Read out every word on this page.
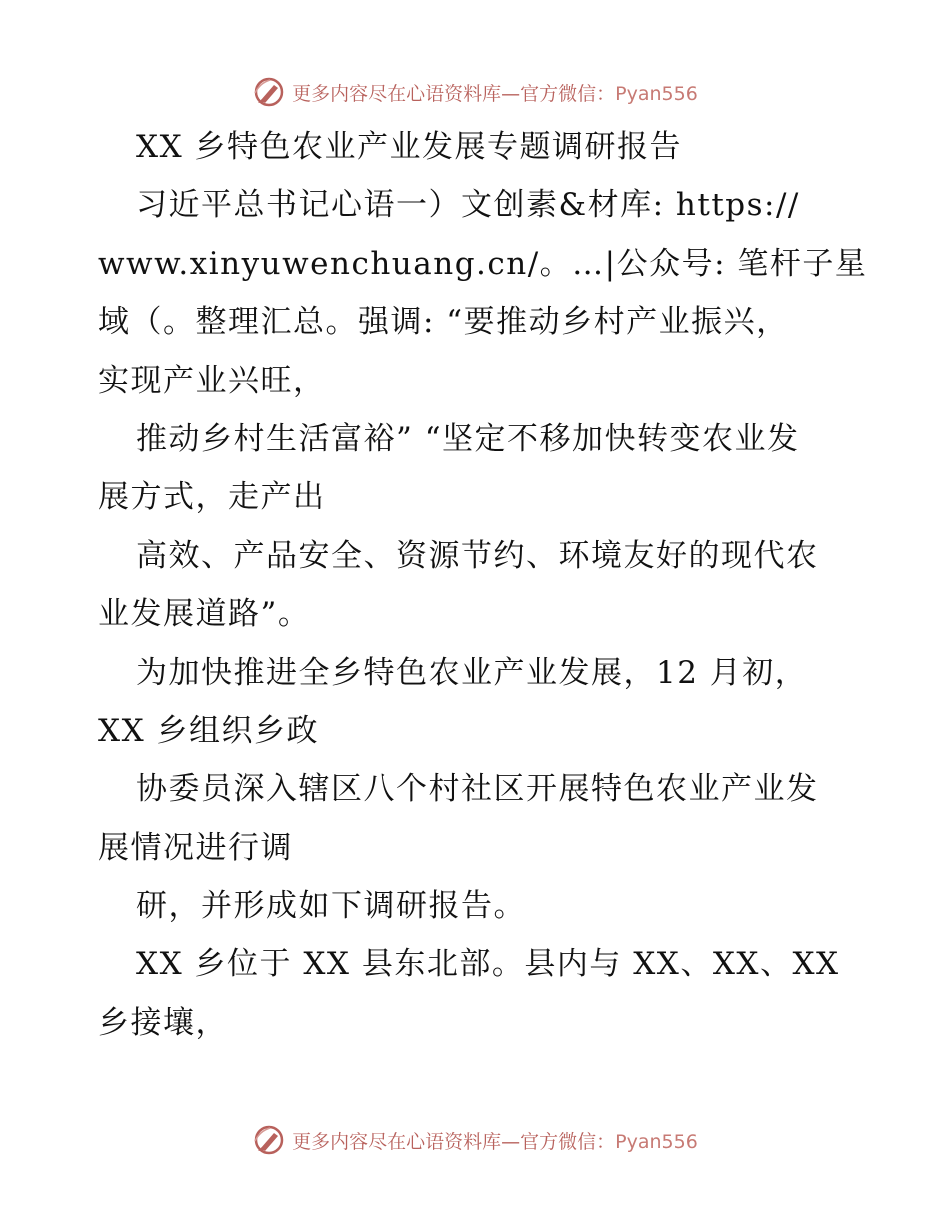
更多内容尽在心语资料库—官方微信：Pyan556
XX 乡特色农业产业发展专题调研报告
习近平总书记心语一）文创素&材库: https://
www.xinyuwenchuang.cn/。…|公众号: 笔杆子星
域（。整理汇总。强调: “要推动乡村产业振兴，
实现产业兴旺，
推动乡村生活富裕” “坚定不移加快转变农业发
展方式，走产出
高效、产品安全、资源节约、环境友好的现代农
业发展道路”。
为加快推进全乡特色农业产业发展，12 月初，
XX 乡组织乡政
协委员深入辖区八个村社区开展特色农业产业发
展情况进行调
研，并形成如下调研报告。
XX 乡位于 XX 县东北部。县内与 XX、XX、XX
乡接壤，
更多内容尽在心语资料库—官方微信：Pyan556
